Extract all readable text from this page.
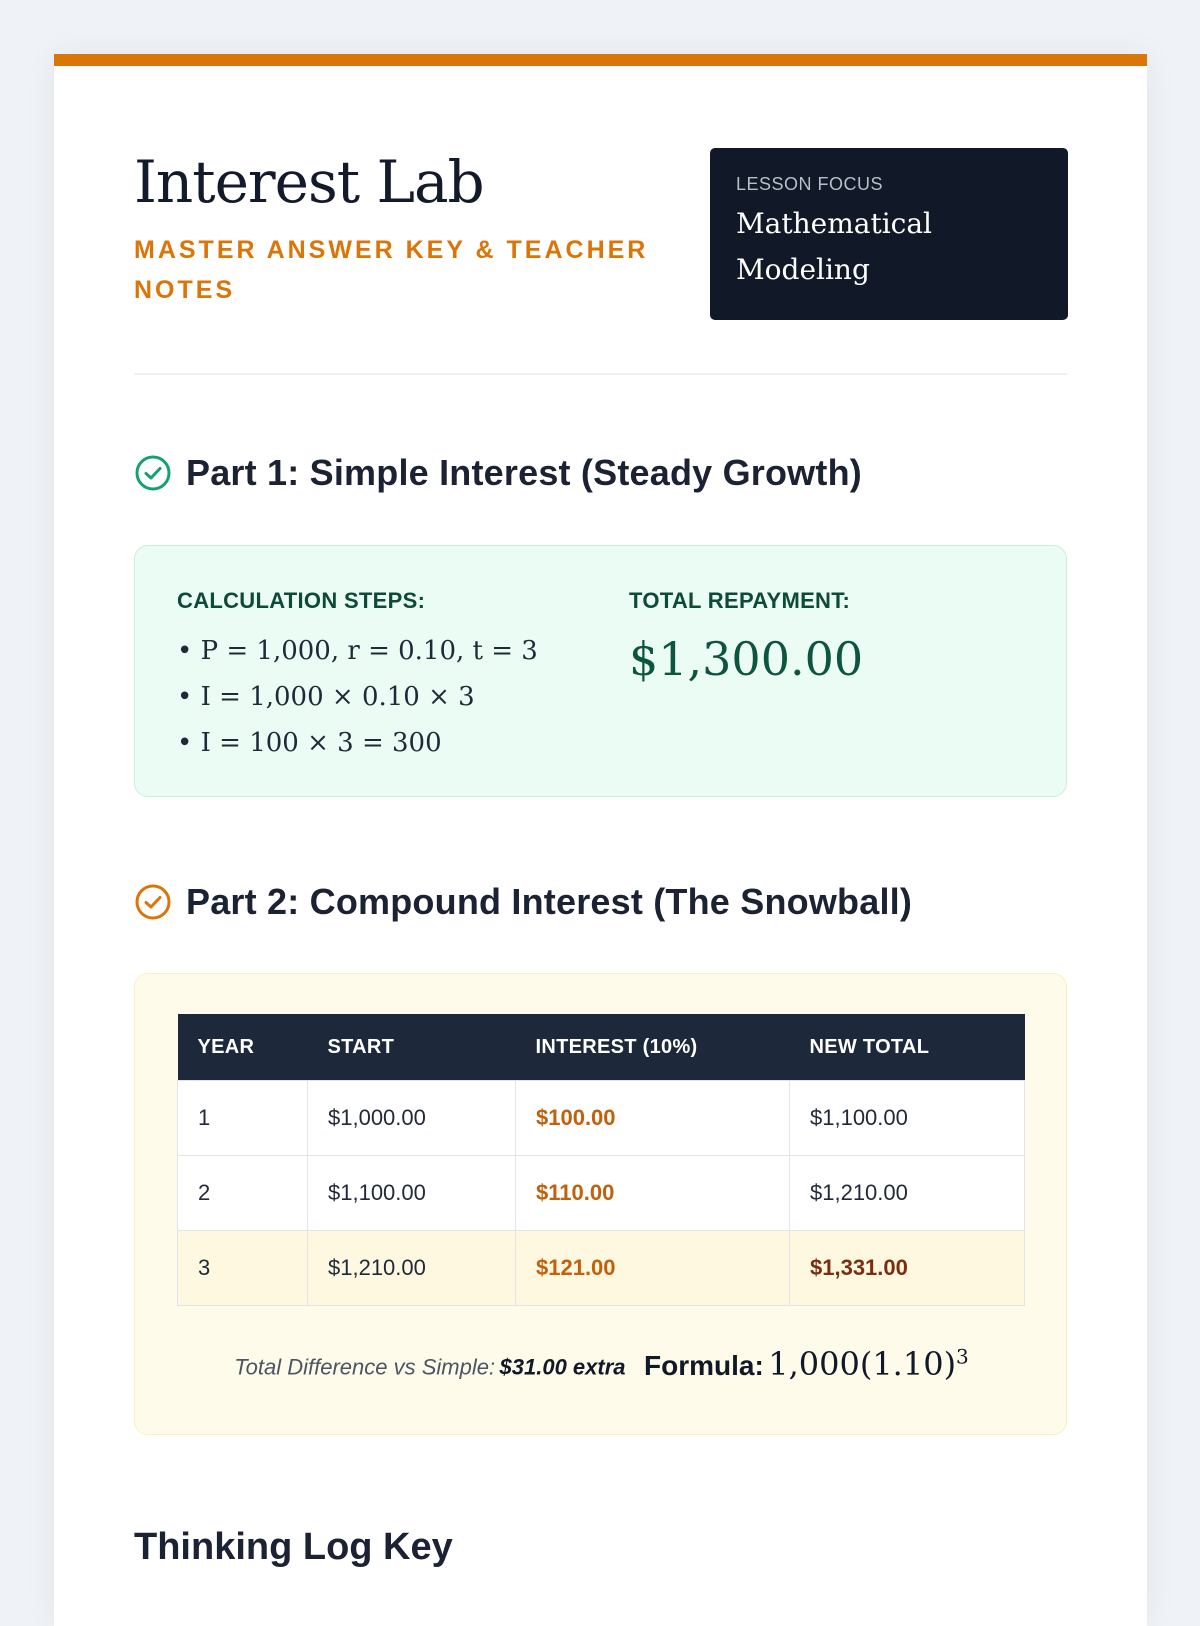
Interest Lab
MASTER ANSWER KEY & TEACHER NOTES
LESSON FOCUS
Mathematical
Modeling
Part 1: Simple Interest (Steady Growth)
CALCULATION STEPS:
• P = 1,000, r = 0.10, t = 3
• I = 1,000 × 0.10 × 3
• I = 100 × 3 = 300
TOTAL REPAYMENT:
$1,300.00
Part 2: Compound Interest (The Snowball)
YEAR	START	INTEREST (10%)	NEW TOTAL
1	$1,000.00	$100.00	$1,100.00
2	$1,100.00	$110.00	$1,210.00
3	$1,210.00	$121.00	$1,331.00
Total Difference vs Simple: $31.00 extra Formula: $1,000(1.10)^3$
Thinking Log Key
